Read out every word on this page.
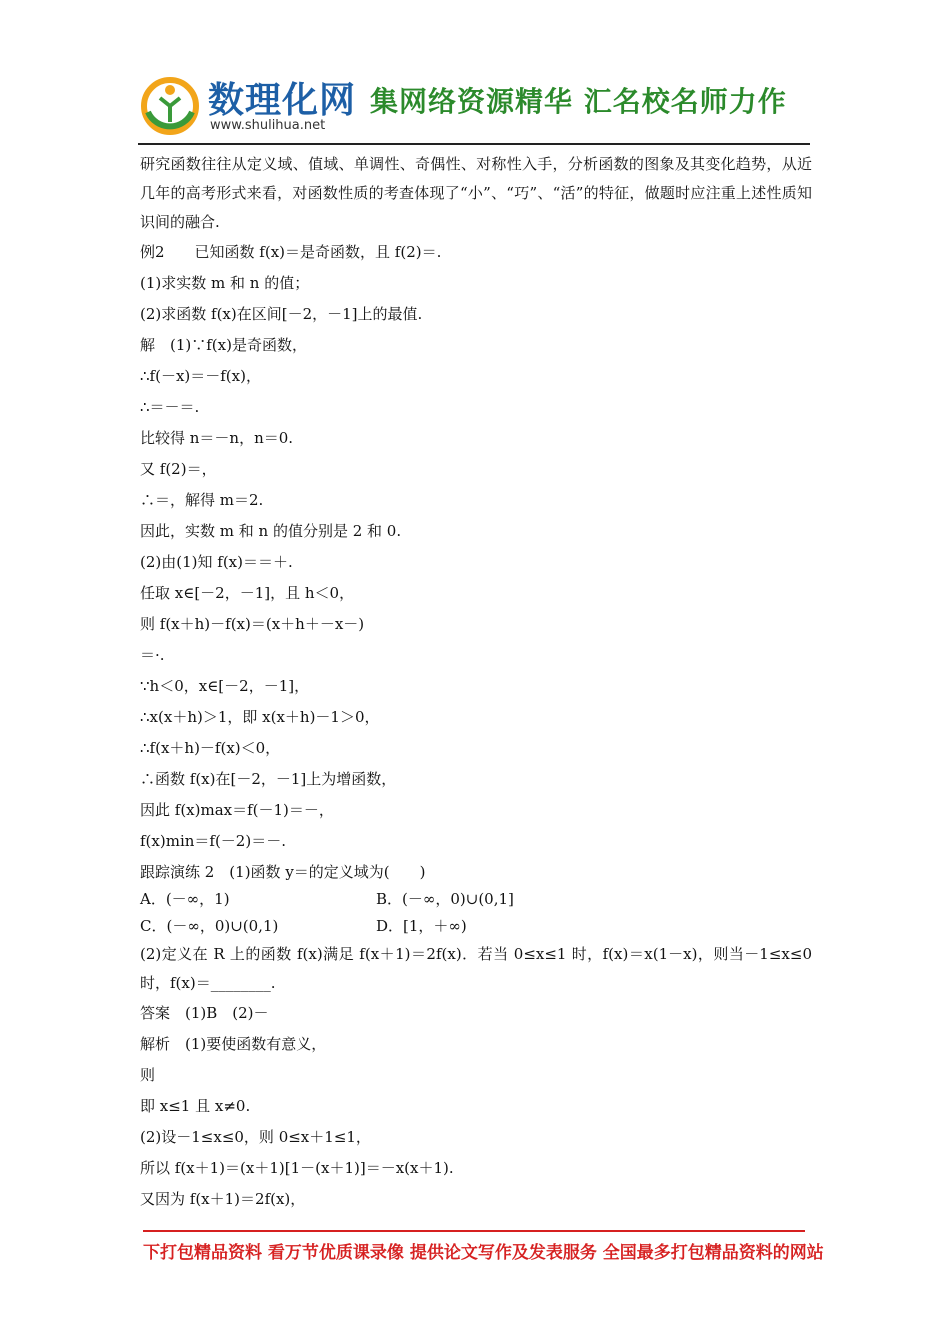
数理化网
www.shulihua.net
集网络资源精华 汇名校名师力作

研究函数往往从定义域、值域、单调性、奇偶性、对称性入手，分析函数的图象及其变化趋势，从近几年的高考形式来看，对函数性质的考查体现了“小”、“巧”、“活”的特征，做题时应注重上述性质知识间的融合.

例2　　已知函数 f(x)＝是奇函数，且 f(2)＝.

(1)求实数 m 和 n 的值；

(2)求函数 f(x)在区间[－2，－1]上的最值.

解　(1)∵f(x)是奇函数，

∴f(－x)＝－f(x)，

∴＝－＝.

比较得 n＝－n，n＝0.

又 f(2)＝，

∴＝，解得 m＝2.

因此，实数 m 和 n 的值分别是 2 和 0.

(2)由(1)知 f(x)＝＝＋.

任取 x∈[－2，－1]，且 h＜0，

则 f(x＋h)－f(x)＝(x＋h＋－x－)

＝·.

∵h＜0，x∈[－2，－1]，

∴x(x＋h)＞1，即 x(x＋h)－1＞0，

∴f(x＋h)－f(x)＜0，

∴函数 f(x)在[－2，－1]上为增函数，

因此 f(x)max＝f(－1)＝－，

f(x)min＝f(－2)＝－.

跟踪演练 2　(1)函数 y＝的定义域为(　　)

A．(－∞，1)	B．(－∞，0)∪(0,1]
C．(－∞，0)∪(0,1)	D．[1，＋∞)

(2)定义在 R 上的函数 f(x)满足 f(x＋1)＝2f(x)．若当 0≤x≤1 时，f(x)＝x(1－x)，则当－1≤x≤0 时，f(x)＝________.

答案　(1)B　(2)－

解析　(1)要使函数有意义，

则

即 x≤1 且 x≠0.

(2)设－1≤x≤0，则 0≤x＋1≤1，

所以 f(x＋1)＝(x＋1)[1－(x＋1)]＝－x(x＋1).

又因为 f(x＋1)＝2f(x)，

下打包精品资料 看万节优质课录像 提供论文写作及发表服务 全国最多打包精品资料的网站
